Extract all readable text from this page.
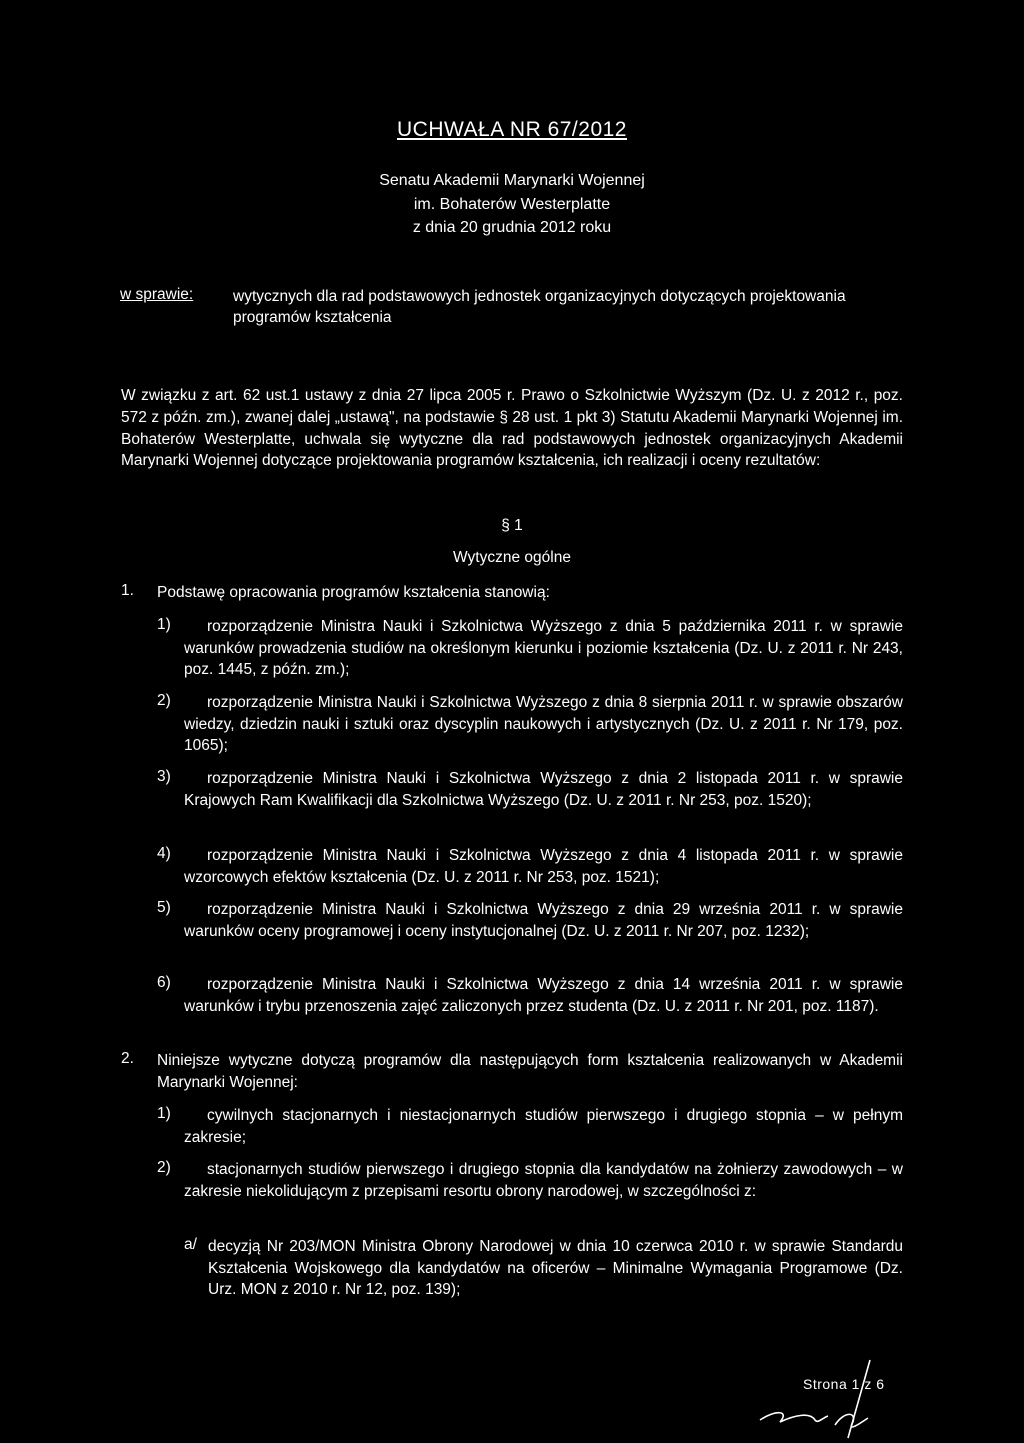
UCHWAŁA NR 67/2012
Senatu Akademii Marynarki Wojennej
im. Bohaterów Westerplatte
z dnia 20 grudnia 2012 roku
w sprawie:	wytycznych dla rad podstawowych jednostek organizacyjnych dotyczących projektowania programów kształcenia
W związku z art. 62 ust.1 ustawy z dnia 27 lipca 2005 r. Prawo o Szkolnictwie Wyższym (Dz. U. z 2012 r., poz. 572 z późn. zm.), zwanej dalej „ustawą", na podstawie § 28 ust. 1 pkt 3) Statutu Akademii Marynarki Wojennej im. Bohaterów Westerplatte, uchwala się wytyczne dla rad podstawowych jednostek organizacyjnych Akademii Marynarki Wojennej dotyczące projektowania programów kształcenia, ich realizacji i oceny rezultatów:
§ 1
Wytyczne ogólne
1. Podstawę opracowania programów kształcenia stanowią:
1)	rozporządzenie Ministra Nauki i Szkolnictwa Wyższego z dnia 5 października 2011 r. w sprawie warunków prowadzenia studiów na określonym kierunku i poziomie kształcenia (Dz. U. z 2011 r. Nr 243, poz. 1445, z późn. zm.);
2)	rozporządzenie Ministra Nauki i Szkolnictwa Wyższego z dnia 8 sierpnia 2011 r. w sprawie obszarów wiedzy, dziedzin nauki i sztuki oraz dyscyplin naukowych i artystycznych (Dz. U. z 2011 r. Nr 179, poz. 1065);
3)	rozporządzenie Ministra Nauki i Szkolnictwa Wyższego z dnia 2 listopada 2011 r. w sprawie Krajowych Ram Kwalifikacji dla Szkolnictwa Wyższego (Dz. U. z 2011 r. Nr 253, poz. 1520);
4)	rozporządzenie Ministra Nauki i Szkolnictwa Wyższego z dnia 4 listopada 2011 r. w sprawie wzorcowych efektów kształcenia (Dz. U. z 2011 r. Nr 253, poz. 1521);
5)	rozporządzenie Ministra Nauki i Szkolnictwa Wyższego z dnia 29 września 2011 r. w sprawie warunków oceny programowej i oceny instytucjonalnej (Dz. U. z 2011 r. Nr 207, poz. 1232);
6)	rozporządzenie Ministra Nauki i Szkolnictwa Wyższego z dnia 14 września 2011 r. w sprawie warunków i trybu przenoszenia zajęć zaliczonych przez studenta (Dz. U. z 2011 r. Nr 201, poz. 1187).
2. Niniejsze wytyczne dotyczą programów dla następujących form kształcenia realizowanych w Akademii Marynarki Wojennej:
1)	cywilnych stacjonarnych i niestacjonarnych studiów pierwszego i drugiego stopnia – w pełnym zakresie;
2)	stacjonarnych studiów pierwszego i drugiego stopnia dla kandydatów na żołnierzy zawodowych – w zakresie niekolidującym z przepisami resortu obrony narodowej, w szczególności z:
a/ decyzją Nr 203/MON Ministra Obrony Narodowej w dnia 10 czerwca 2010 r. w sprawie Standardu Kształcenia Wojskowego dla kandydatów na oficerów – Minimalne Wymagania Programowe (Dz. Urz. MON z 2010 r. Nr 12, poz. 139);
Strona 1 z 6
